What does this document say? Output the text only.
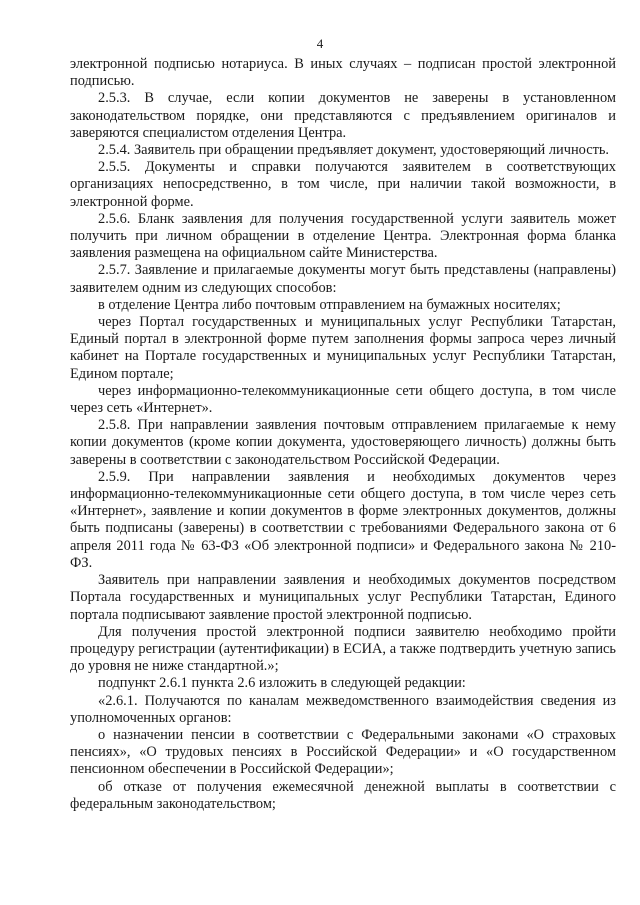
4

электронной подписью нотариуса. В иных случаях – подписан простой электронной подписью.

2.5.3. В случае, если копии документов не заверены в установленном законодательством порядке, они представляются с предъявлением оригиналов и заверяются специалистом отделения Центра.

2.5.4. Заявитель при обращении предъявляет документ, удостоверяющий личность.

2.5.5. Документы и справки получаются заявителем в соответствующих организациях непосредственно, в том числе, при наличии такой возможности, в электронной форме.

2.5.6. Бланк заявления для получения государственной услуги заявитель может получить при личном обращении в отделение Центра. Электронная форма бланка заявления размещена на официальном сайте Министерства.

2.5.7. Заявление и прилагаемые документы могут быть представлены (направлены) заявителем одним из следующих способов:

в отделение Центра либо почтовым отправлением на бумажных носителях;

через Портал государственных и муниципальных услуг Республики Татарстан, Единый портал в электронной форме путем заполнения формы запроса через личный кабинет на Портале государственных и муниципальных услуг Республики Татарстан, Едином портале;

через информационно-телекоммуникационные сети общего доступа, в том числе через сеть «Интернет».

2.5.8. При направлении заявления почтовым отправлением прилагаемые к нему копии документов (кроме копии документа, удостоверяющего личность) должны быть заверены в соответствии с законодательством Российской Федерации.

2.5.9. При направлении заявления и необходимых документов через информационно-телекоммуникационные сети общего доступа, в том числе через сеть «Интернет», заявление и копии документов в форме электронных документов, должны быть подписаны (заверены) в соответствии с требованиями Федерального закона от 6 апреля 2011 года № 63-ФЗ «Об электронной подписи» и Федерального закона № 210-ФЗ.

Заявитель при направлении заявления и необходимых документов посредством Портала государственных и муниципальных услуг Республики Татарстан, Единого портала подписывают заявление простой электронной подписью.

Для получения простой электронной подписи заявителю необходимо пройти процедуру регистрации (аутентификации) в ЕСИА, а также подтвердить учетную запись до уровня не ниже стандартной.»;

подпункт 2.6.1 пункта 2.6 изложить в следующей редакции:

«2.6.1. Получаются по каналам межведомственного взаимодействия сведения из уполномоченных органов:

о назначении пенсии в соответствии с Федеральными законами «О страховых пенсиях», «О трудовых пенсиях в Российской Федерации» и «О государственном пенсионном обеспечении в Российской Федерации»;

об отказе от получения ежемесячной денежной выплаты в соответствии с федеральным законодательством;
